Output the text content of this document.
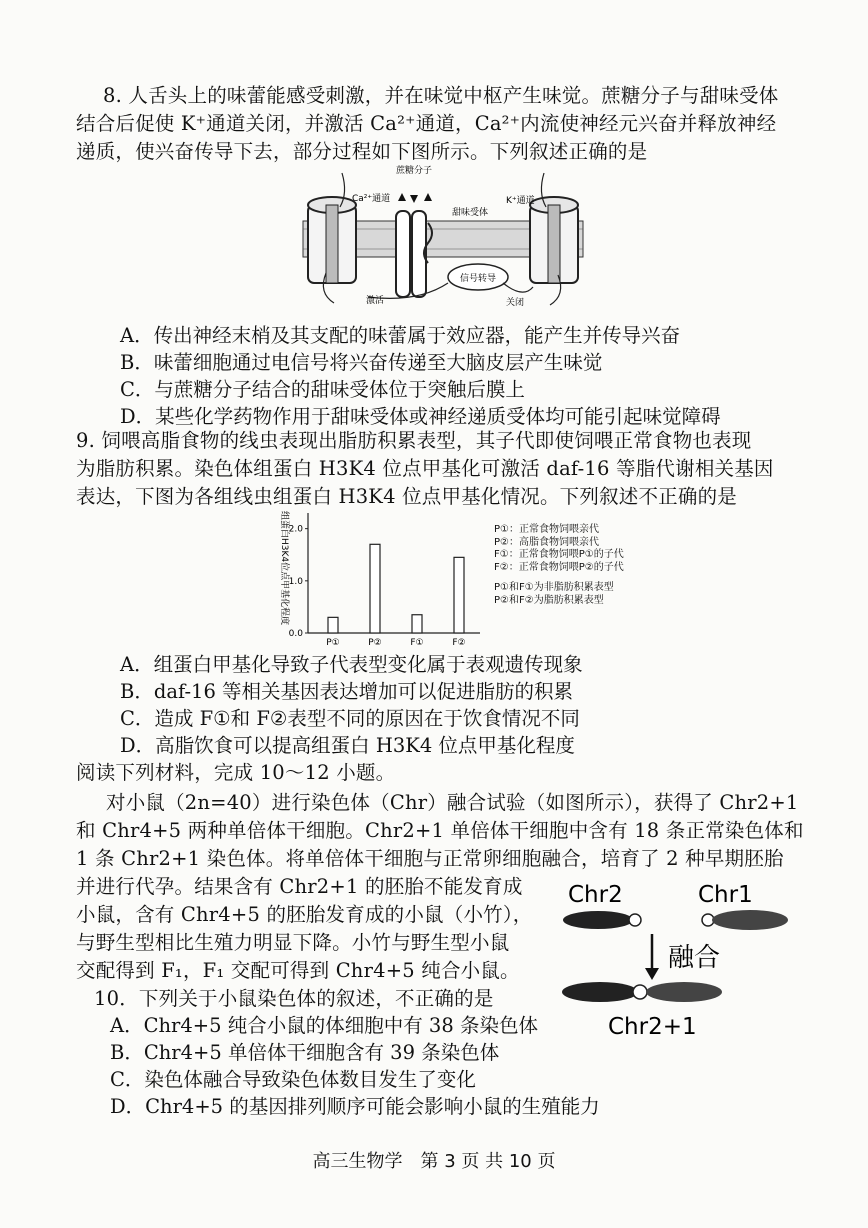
8. 人舌头上的味蕾能感受刺激，并在味觉中枢产生味觉。蔗糖分子与甜味受体
结合后促使 K⁺通道关闭，并激活 Ca²⁺通道，Ca²⁺内流使神经元兴奋并释放神经
递质，使兴奋传导下去，部分过程如下图所示。下列叙述正确的是
蔗糖分子
Ca²⁺通道
甜味受体
K⁺通道
信号转导
激活	关闭
A．传出神经末梢及其支配的味蕾属于效应器，能产生并传导兴奋
B．味蕾细胞通过电信号将兴奋传递至大脑皮层产生味觉
C．与蔗糖分子结合的甜味受体位于突触后膜上
D．某些化学药物作用于甜味受体或神经递质受体均可能引起味觉障碍
9. 饲喂高脂食物的线虫表现出脂肪积累表型，其子代即使饲喂正常食物也表现
为脂肪积累。染色体组蛋白 H3K4 位点甲基化可激活 daf-16 等脂代谢相关基因
表达，下图为各组线虫组蛋白 H3K4 位点甲基化情况。下列叙述不正确的是
组蛋白H3K4位点甲基化程度
0.0
1.0
2.0
P①	P②	F①	F②
P①：正常食物饲喂亲代
P②：高脂食物饲喂亲代
F①：正常食物饲喂P①的子代
F②：正常食物饲喂P②的子代
P①和F①为非脂肪积累表型
P②和F②为脂肪积累表型
A．组蛋白甲基化导致子代表型变化属于表观遗传现象
B．daf-16 等相关基因表达增加可以促进脂肪的积累
C．造成 F①和 F②表型不同的原因在于饮食情况不同
D．高脂饮食可以提高组蛋白 H3K4 位点甲基化程度
阅读下列材料，完成 10～12 小题。
对小鼠（2n=40）进行染色体（Chr）融合试验（如图所示），获得了 Chr2+1
和 Chr4+5 两种单倍体干细胞。Chr2+1 单倍体干细胞中含有 18 条正常染色体和
1 条 Chr2+1 染色体。将单倍体干细胞与正常卵细胞融合，培育了 2 种早期胚胎
并进行代孕。结果含有 Chr2+1 的胚胎不能发育成
小鼠，含有 Chr4+5 的胚胎发育成的小鼠（小竹），
与野生型相比生殖力明显下降。小竹与野生型小鼠
交配得到 F₁，F₁ 交配可得到 Chr4+5 纯合小鼠。
Chr2	Chr1
融合
Chr2+1
10．下列关于小鼠染色体的叙述，不正确的是
A．Chr4+5 纯合小鼠的体细胞中有 38 条染色体
B．Chr4+5 单倍体干细胞含有 39 条染色体
C．染色体融合导致染色体数目发生了变化
D．Chr4+5 的基因排列顺序可能会影响小鼠的生殖能力
高三生物学　第 3 页 共 10 页
